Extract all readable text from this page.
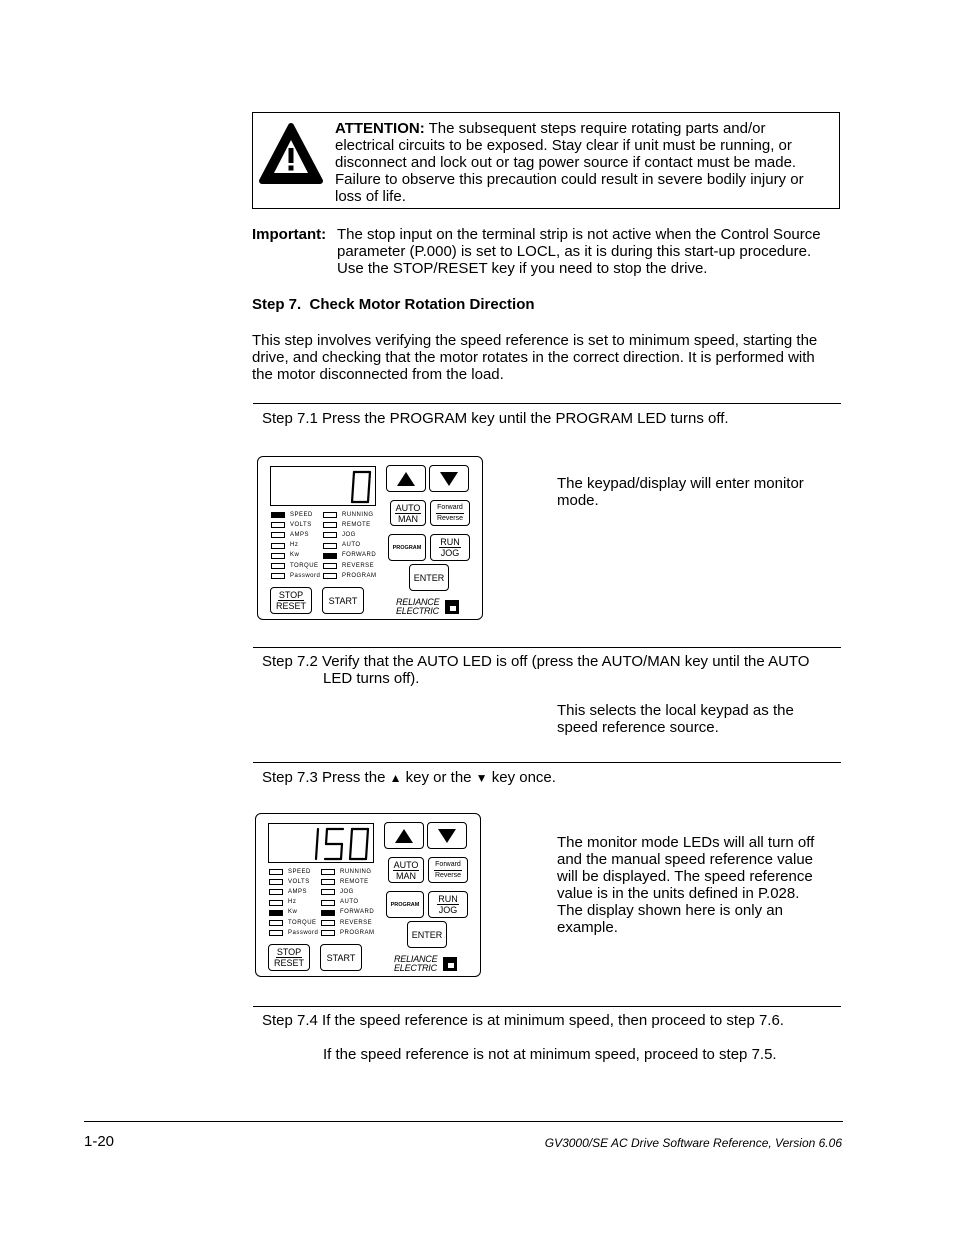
ATTENTION: The subsequent steps require rotating parts and/or
electrical circuits to be exposed. Stay clear if unit must be running, or
disconnect and lock out or tag power source if contact must be made.
Failure to observe this precaution could result in severe bodily injury or
loss of life.
Important: The stop input on the terminal strip is not active when the Control Source
parameter (P.000) is set to LOCL, as it is during this start-up procedure.
Use the STOP/RESET key if you need to stop the drive.
Step 7.  Check Motor Rotation Direction
This step involves verifying the speed reference is set to minimum speed, starting the
drive, and checking that the motor rotates in the correct direction. It is performed with
the motor disconnected from the load.
Step 7.1 Press the PROGRAM key until the PROGRAM LED turns off.
AUTO
MAN
Forward
Reverse
PROGRAM
RUN
JOG
ENTER
STOP
RESET
START
SPEED
VOLTS
AMPS
Hz
Kw
TORQUE
Password
RUNNING
REMOTE
JOG
AUTO
FORWARD
REVERSE
PROGRAM
RELIANCE
ELECTRIC
The keypad/display will enter monitor
mode.
Step 7.2 Verify that the AUTO LED is off (press the AUTO/MAN key until the AUTO
LED turns off).
This selects the local keypad as the
speed reference source.
Step 7.3 Press the ▲ key or the ▼ key once.
AUTO
MAN
Forward
Reverse
PROGRAM
RUN
JOG
ENTER
STOP
RESET
START
SPEED
VOLTS
AMPS
Hz
Kw
TORQUE
Password
RUNNING
REMOTE
JOG
AUTO
FORWARD
REVERSE
PROGRAM
RELIANCE
ELECTRIC
The monitor mode LEDs will all turn off
and the manual speed reference value
will be displayed. The speed reference
value is in the units defined in P.028.
The display shown here is only an
example.
Step 7.4 If the speed reference is at minimum speed, then proceed to step 7.6.
If the speed reference is not at minimum speed, proceed to step 7.5.
1-20	GV3000/SE AC Drive Software Reference, Version 6.06
